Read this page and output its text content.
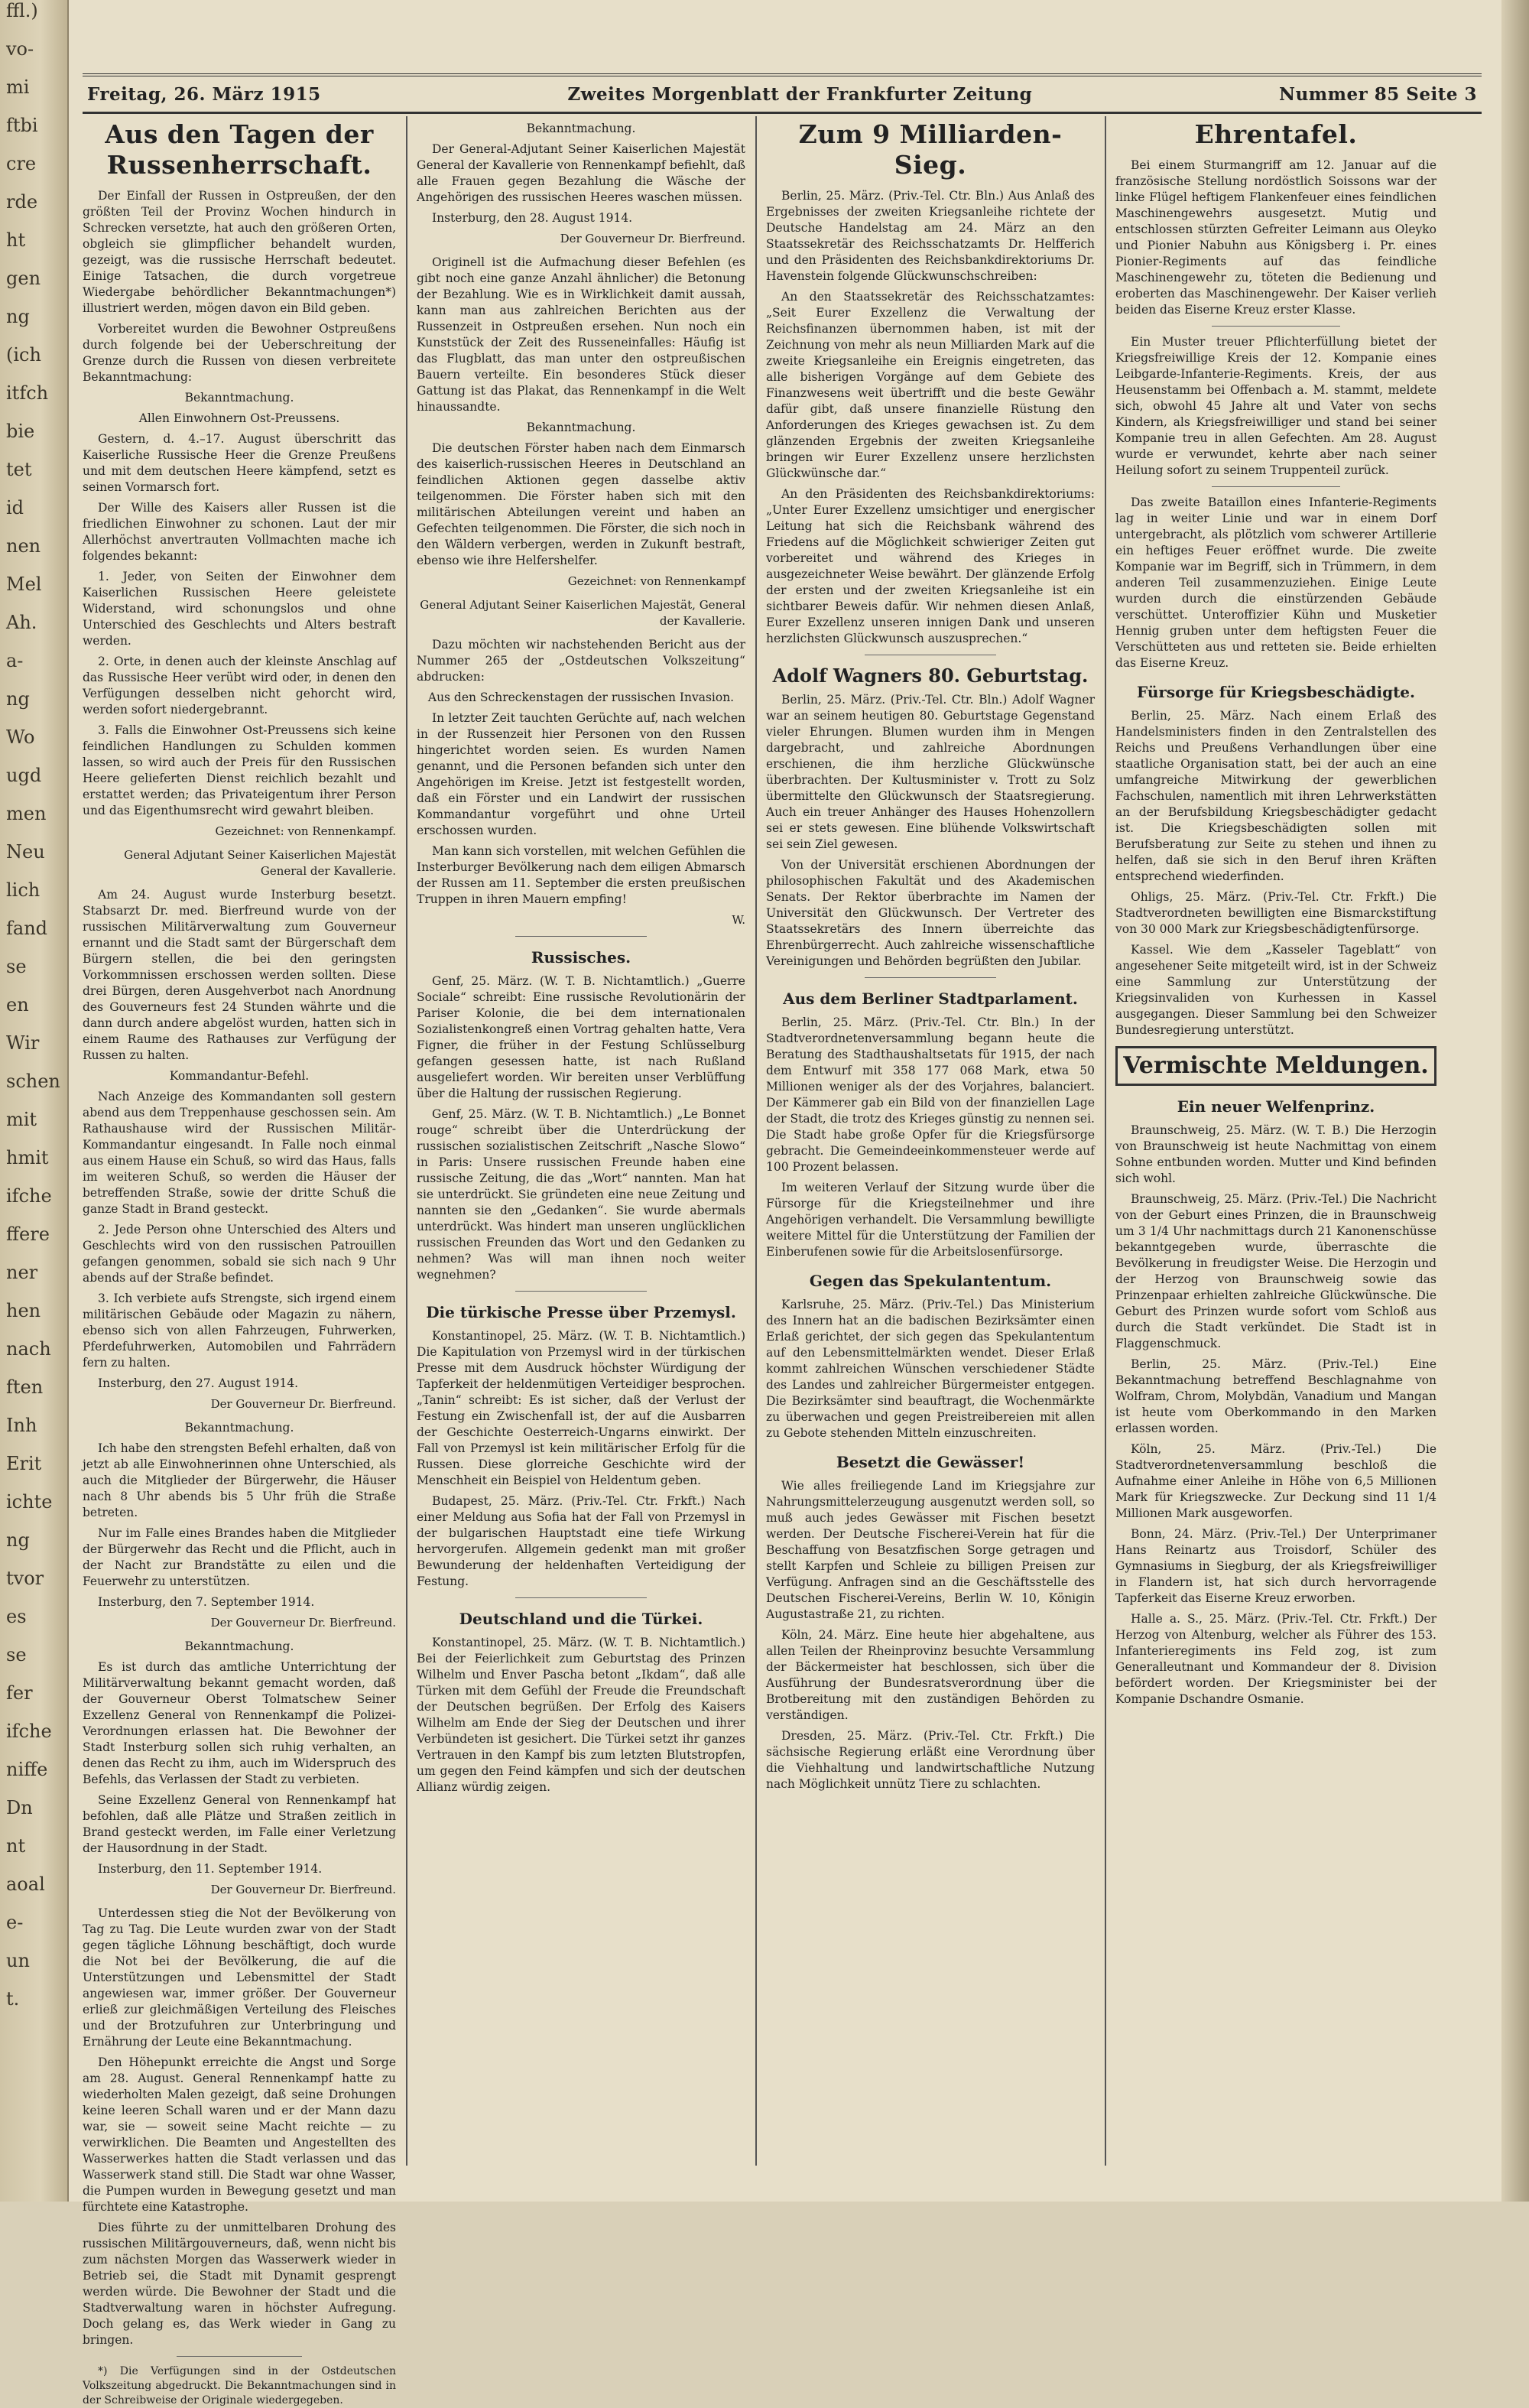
ffl.)
vo-
mi
ftbi
cre
rde
ht
gen
ng
(ich
itfch
bie
tet
id
nen
Mel
Ah.
a-
ng
Wo
ugd
men
Neu
lich
fand
se
en
Wir
schen
mit
hmit
ifche
ffere
ner
hen
nach
ften
Inh
Erit
ichte
ng
tvor
es
se
fer
ifche
niffe
Dn
nt
aoal
e-
un
t.
Freitag, 26. März 1915	Zweites Morgenblatt der Frankfurter Zeitung	Nummer 85 Seite 3
Aus den Tagen der Russenherrschaft.

Der Einfall der Russen in Ostpreußen, der den größten Teil der Provinz Wochen hindurch in Schrecken versetzte, hat auch den größeren Orten, obgleich sie glimpflicher behandelt wurden, gezeigt, was die russische Herrschaft bedeutet. Einige Tatsachen, die durch vorgetreue Wiedergabe behördlicher Bekanntmachungen*) illustriert werden, mögen davon ein Bild geben.

Vorbereitet wurden die Bewohner Ostpreußens durch folgende bei der Ueberschreitung der Grenze durch die Russen von diesen verbreitete Bekanntmachung:

Bekanntmachung.

Allen Einwohnern Ost-Preussens.

Gestern, d. 4.–17. August überschritt das Kaiserliche Russische Heer die Grenze Preußens und mit dem deutschen Heere kämpfend, setzt es seinen Vormarsch fort.

Der Wille des Kaisers aller Russen ist die friedlichen Einwohner zu schonen. Laut der mir Allerhöchst anvertrauten Vollmachten mache ich folgendes bekannt:

1. Jeder, von Seiten der Einwohner dem Kaiserlichen Russischen Heere geleistete Widerstand, wird schonungslos und ohne Unterschied des Geschlechts und Alters bestraft werden.

2. Orte, in denen auch der kleinste Anschlag auf das Russische Heer verübt wird oder, in denen den Verfügungen desselben nicht gehorcht wird, werden sofort niedergebrannt.

3. Falls die Einwohner Ost-Preussens sich keine feindlichen Handlungen zu Schulden kommen lassen, so wird auch der Preis für den Russischen Heere gelieferten Dienst reichlich bezahlt und erstattet werden; das Privateigentum ihrer Person und das Eigenthumsrecht wird gewahrt bleiben.

Gezeichnet: von Rennenkampf.

General Adjutant Seiner Kaiserlichen Majestät General der Kavallerie.

Am 24. August wurde Insterburg besetzt. Stabsarzt Dr. med. Bierfreund wurde von der russischen Militärverwaltung zum Gouverneur ernannt und die Stadt samt der Bürgerschaft dem Bürgern stellen, die bei den geringsten Vorkommnissen erschossen werden sollten. Diese drei Bürgen, deren Ausgehverbot nach Anordnung des Gouverneurs fest 24 Stunden währte und die dann durch andere abgelöst wurden, hatten sich in einem Raume des Rathauses zur Verfügung der Russen zu halten.

Kommandantur-Befehl.

Nach Anzeige des Kommandanten soll gestern abend aus dem Treppenhause geschossen sein. Am Rathaushause wird der Russischen Militär-Kommandantur eingesandt. In Falle noch einmal aus einem Hause ein Schuß, so wird das Haus, falls im weiteren Schuß, so werden die Häuser der betreffenden Straße, sowie der dritte Schuß die ganze Stadt in Brand gesteckt.

2. Jede Person ohne Unterschied des Alters und Geschlechts wird von den russischen Patrouillen gefangen genommen, sobald sie sich nach 9 Uhr abends auf der Straße befindet.

3. Ich verbiete aufs Strengste, sich irgend einem militärischen Gebäude oder Magazin zu nähern, ebenso sich von allen Fahrzeugen, Fuhrwerken, Pferdefuhrwerken, Automobilen und Fahrrädern fern zu halten.

Insterburg, den 27. August 1914.

Der Gouverneur Dr. Bierfreund.

Bekanntmachung.

Ich habe den strengsten Befehl erhalten, daß von jetzt ab alle Einwohnerinnen ohne Unterschied, als auch die Mitglieder der Bürgerwehr, die Häuser nach 8 Uhr abends bis 5 Uhr früh die Straße betreten.

Nur im Falle eines Brandes haben die Mitglieder der Bürgerwehr das Recht und die Pflicht, auch in der Nacht zur Brandstätte zu eilen und die Feuerwehr zu unterstützen.

Insterburg, den 7. September 1914.

Der Gouverneur Dr. Bierfreund.

Bekanntmachung.

Es ist durch das amtliche Unterrichtung der Militärverwaltung bekannt gemacht worden, daß der Gouverneur Oberst Tolmatschew Seiner Exzellenz General von Rennenkampf die Polizei-Verordnungen erlassen hat. Die Bewohner der Stadt Insterburg sollen sich ruhig verhalten, an denen das Recht zu ihm, auch im Widerspruch des Befehls, das Verlassen der Stadt zu verbieten.

Seine Exzellenz General von Rennenkampf hat befohlen, daß alle Plätze und Straßen zeitlich in Brand gesteckt werden, im Falle einer Verletzung der Hausordnung in der Stadt.

Insterburg, den 11. September 1914.

Der Gouverneur Dr. Bierfreund.

Unterdessen stieg die Not der Bevölkerung von Tag zu Tag. Die Leute wurden zwar von der Stadt gegen tägliche Löhnung beschäftigt, doch wurde die Not bei der Bevölkerung, die auf die Unterstützungen und Lebensmittel der Stadt angewiesen war, immer größer. Der Gouverneur erließ zur gleichmäßigen Verteilung des Fleisches und der Brotzufuhren zur Unterbringung und Ernährung der Leute eine Bekanntmachung.

Den Höhepunkt erreichte die Angst und Sorge am 28. August. General Rennenkampf hatte zu wiederholten Malen gezeigt, daß seine Drohungen keine leeren Schall waren und er der Mann dazu war, sie — soweit seine Macht reichte — zu verwirklichen. Die Beamten und Angestellten des Wasserwerkes hatten die Stadt verlassen und das Wasserwerk stand still. Die Stadt war ohne Wasser, die Pumpen wurden in Bewegung gesetzt und man fürchtete eine Katastrophe.

Dies führte zu der unmittelbaren Drohung des russischen Militärgouverneurs, daß, wenn nicht bis zum nächsten Morgen das Wasserwerk wieder in Betrieb sei, die Stadt mit Dynamit gesprengt werden würde. Die Bewohner der Stadt und die Stadtverwaltung waren in höchster Aufregung. Doch gelang es, das Werk wieder in Gang zu bringen.

*) Die Verfügungen sind in der Ostdeutschen Volkszeitung abgedruckt. Die Bekanntmachungen sind in der Schreibweise der Originale wiedergegeben.

Bekanntmachung.

Der General-Adjutant Seiner Kaiserlichen Majestät General der Kavallerie von Rennenkampf befiehlt, daß alle Frauen gegen Bezahlung die Wäsche der Angehörigen des russischen Heeres waschen müssen.

Insterburg, den 28. August 1914.

Der Gouverneur Dr. Bierfreund.

Originell ist die Aufmachung dieser Befehlen (es gibt noch eine ganze Anzahl ähnlicher) die Betonung der Bezahlung. Wie es in Wirklichkeit damit aussah, kann man aus zahlreichen Berichten aus der Russenzeit in Ostpreußen ersehen. Nun noch ein Kunststück der Zeit des Russeneinfalles: Häufig ist das Flugblatt, das man unter den ostpreußischen Bauern verteilte. Ein besonderes Stück dieser Gattung ist das Plakat, das Rennenkampf in die Welt hinaussandte.

Bekanntmachung.

Die deutschen Förster haben nach dem Einmarsch des kaiserlich-russischen Heeres in Deutschland an feindlichen Aktionen gegen dasselbe aktiv teilgenommen. Die Förster haben sich mit den militärischen Abteilungen vereint und haben an Gefechten teilgenommen. Die Förster, die sich noch in den Wäldern verbergen, werden in Zukunft bestraft, ebenso wie ihre Helfershelfer.

Gezeichnet: von Rennenkampf

General Adjutant Seiner Kaiserlichen Majestät, General der Kavallerie.

Dazu möchten wir nachstehenden Bericht aus der Nummer 265 der „Ostdeutschen Volkszeitung“ abdrucken:

Aus den Schreckenstagen der russischen Invasion.

In letzter Zeit tauchten Gerüchte auf, nach welchen in der Russenzeit hier Personen von den Russen hingerichtet worden seien. Es wurden Namen genannt, und die Personen befanden sich unter den Angehörigen im Kreise. Jetzt ist festgestellt worden, daß ein Förster und ein Landwirt der russischen Kommandantur vorgeführt und ohne Urteil erschossen wurden.

Man kann sich vorstellen, mit welchen Gefühlen die Insterburger Bevölkerung nach dem eiligen Abmarsch der Russen am 11. September die ersten preußischen Truppen in ihren Mauern empfing!

W.

Russisches.

Genf, 25. März. (W. T. B. Nichtamtlich.) „Guerre Sociale“ schreibt: Eine russische Revolutionärin der Pariser Kolonie, die bei dem internationalen Sozialistenkongreß einen Vortrag gehalten hatte, Vera Figner, die früher in der Festung Schlüsselburg gefangen gesessen hatte, ist nach Rußland ausgeliefert worden. Wir bereiten unser Verblüffung über die Haltung der russischen Regierung.

Genf, 25. März. (W. T. B. Nichtamtlich.) „Le Bonnet rouge“ schreibt über die Unterdrückung der russischen sozialistischen Zeitschrift „Nasche Slowo“ in Paris: Unsere russischen Freunde haben eine russische Zeitung, die das „Wort“ nannten. Man hat sie unterdrückt. Sie gründeten eine neue Zeitung und nannten sie den „Gedanken“. Sie wurde abermals unterdrückt. Was hindert man unseren unglücklichen russischen Freunden das Wort und den Gedanken zu nehmen? Was will man ihnen noch weiter wegnehmen?

Die türkische Presse über Przemysl.

Konstantinopel, 25. März. (W. T. B. Nichtamtlich.) Die Kapitulation von Przemysl wird in der türkischen Presse mit dem Ausdruck höchster Würdigung der Tapferkeit der heldenmütigen Verteidiger besprochen. „Tanin“ schreibt: Es ist sicher, daß der Verlust der Festung ein Zwischenfall ist, der auf die Ausbarren der Geschichte Oesterreich-Ungarns einwirkt. Der Fall von Przemysl ist kein militärischer Erfolg für die Russen. Diese glorreiche Geschichte wird der Menschheit ein Beispiel von Heldentum geben.

Budapest, 25. März. (Priv.-Tel. Ctr. Frkft.) Nach einer Meldung aus Sofia hat der Fall von Przemysl in der bulgarischen Hauptstadt eine tiefe Wirkung hervorgerufen. Allgemein gedenkt man mit großer Bewunderung der heldenhaften Verteidigung der Festung.

Deutschland und die Türkei.

Konstantinopel, 25. März. (W. T. B. Nichtamtlich.) Bei der Feierlichkeit zum Geburtstag des Prinzen Wilhelm und Enver Pascha betont „Ikdam“, daß alle Türken mit dem Gefühl der Freude die Freundschaft der Deutschen begrüßen. Der Erfolg des Kaisers Wilhelm am Ende der Sieg der Deutschen und ihrer Verbündeten ist gesichert. Die Türkei setzt ihr ganzes Vertrauen in den Kampf bis zum letzten Blutstropfen, um gegen den Feind kämpfen und sich der deutschen Allianz würdig zeigen.

Zum 9 Milliarden-Sieg.

Berlin, 25. März. (Priv.-Tel. Ctr. Bln.) Aus Anlaß des Ergebnisses der zweiten Kriegsanleihe richtete der Deutsche Handelstag am 24. März an den Staatssekretär des Reichsschatzamts Dr. Helfferich und den Präsidenten des Reichsbankdirektoriums Dr. Havenstein folgende Glückwunschschreiben:

An den Staatssekretär des Reichsschatzamtes: „Seit Eurer Exzellenz die Verwaltung der Reichsfinanzen übernommen haben, ist mit der Zeichnung von mehr als neun Milliarden Mark auf die zweite Kriegsanleihe ein Ereignis eingetreten, das alle bisherigen Vorgänge auf dem Gebiete des Finanzwesens weit übertrifft und die beste Gewähr dafür gibt, daß unsere finanzielle Rüstung den Anforderungen des Krieges gewachsen ist. Zu dem glänzenden Ergebnis der zweiten Kriegsanleihe bringen wir Eurer Exzellenz unsere herzlichsten Glückwünsche dar.“

An den Präsidenten des Reichsbankdirektoriums: „Unter Eurer Exzellenz umsichtiger und energischer Leitung hat sich die Reichsbank während des Friedens auf die Möglichkeit schwieriger Zeiten gut vorbereitet und während des Krieges in ausgezeichneter Weise bewährt. Der glänzende Erfolg der ersten und der zweiten Kriegsanleihe ist ein sichtbarer Beweis dafür. Wir nehmen diesen Anlaß, Eurer Exzellenz unseren innigen Dank und unseren herzlichsten Glückwunsch auszusprechen.“

Adolf Wagners 80. Geburtstag.

Berlin, 25. März. (Priv.-Tel. Ctr. Bln.) Adolf Wagner war an seinem heutigen 80. Geburtstage Gegenstand vieler Ehrungen. Blumen wurden ihm in Mengen dargebracht, und zahlreiche Abordnungen erschienen, die ihm herzliche Glückwünsche überbrachten. Der Kultusminister v. Trott zu Solz übermittelte den Glückwunsch der Staatsregierung. Auch ein treuer Anhänger des Hauses Hohenzollern sei er stets gewesen. Eine blühende Volkswirtschaft sei sein Ziel gewesen.

Von der Universität erschienen Abordnungen der philosophischen Fakultät und des Akademischen Senats. Der Rektor überbrachte im Namen der Universität den Glückwunsch. Der Vertreter des Staatssekretärs des Innern überreichte das Ehrenbürgerrecht. Auch zahlreiche wissenschaftliche Vereinigungen und Behörden begrüßten den Jubilar.

Aus dem Berliner Stadtparlament.

Berlin, 25. März. (Priv.-Tel. Ctr. Bln.) In der Stadtverordnetenversammlung begann heute die Beratung des Stadthaushaltsetats für 1915, der nach dem Entwurf mit 358 177 068 Mark, etwa 50 Millionen weniger als der des Vorjahres, balanciert. Der Kämmerer gab ein Bild von der finanziellen Lage der Stadt, die trotz des Krieges günstig zu nennen sei. Die Stadt habe große Opfer für die Kriegsfürsorge gebracht. Die Gemeindeeinkommensteuer werde auf 100 Prozent belassen.

Im weiteren Verlauf der Sitzung wurde über die Fürsorge für die Kriegsteilnehmer und ihre Angehörigen verhandelt. Die Versammlung bewilligte weitere Mittel für die Unterstützung der Familien der Einberufenen sowie für die Arbeitslosenfürsorge.

Gegen das Spekulantentum.

Karlsruhe, 25. März. (Priv.-Tel.) Das Ministerium des Innern hat an die badischen Bezirksämter einen Erlaß gerichtet, der sich gegen das Spekulantentum auf den Lebensmittelmärkten wendet. Dieser Erlaß kommt zahlreichen Wünschen verschiedener Städte des Landes und zahlreicher Bürgermeister entgegen. Die Bezirksämter sind beauftragt, die Wochenmärkte zu überwachen und gegen Preistreibereien mit allen zu Gebote stehenden Mitteln einzuschreiten.

Besetzt die Gewässer!

Wie alles freiliegende Land im Kriegsjahre zur Nahrungsmittelerzeugung ausgenutzt werden soll, so muß auch jedes Gewässer mit Fischen besetzt werden. Der Deutsche Fischerei-Verein hat für die Beschaffung von Besatzfischen Sorge getragen und stellt Karpfen und Schleie zu billigen Preisen zur Verfügung. Anfragen sind an die Geschäftsstelle des Deutschen Fischerei-Vereins, Berlin W. 10, Königin Augustastraße 21, zu richten.

Köln, 24. März. Eine heute hier abgehaltene, aus allen Teilen der Rheinprovinz besuchte Versammlung der Bäckermeister hat beschlossen, sich über die Ausführung der Bundesratsverordnung über die Brotbereitung mit den zuständigen Behörden zu verständigen.

Dresden, 25. März. (Priv.-Tel. Ctr. Frkft.) Die sächsische Regierung erläßt eine Verordnung über die Viehhaltung und landwirtschaftliche Nutzung nach Möglichkeit unnütz Tiere zu schlachten.

Ehrentafel.

Bei einem Sturmangriff am 12. Januar auf die französische Stellung nordöstlich Soissons war der linke Flügel heftigem Flankenfeuer eines feindlichen Maschinengewehrs ausgesetzt. Mutig und entschlossen stürzten Gefreiter Leimann aus Oleyko und Pionier Nabuhn aus Königsberg i. Pr. eines Pionier-Regiments auf das feindliche Maschinengewehr zu, töteten die Bedienung und eroberten das Maschinengewehr. Der Kaiser verlieh beiden das Eiserne Kreuz erster Klasse.

Ein Muster treuer Pflichterfüllung bietet der Kriegsfreiwillige Kreis der 12. Kompanie eines Leibgarde-Infanterie-Regiments. Kreis, der aus Heusenstamm bei Offenbach a. M. stammt, meldete sich, obwohl 45 Jahre alt und Vater von sechs Kindern, als Kriegsfreiwilliger und stand bei seiner Kompanie treu in allen Gefechten. Am 28. August wurde er verwundet, kehrte aber nach seiner Heilung sofort zu seinem Truppenteil zurück.

Das zweite Bataillon eines Infanterie-Regiments lag in weiter Linie und war in einem Dorf untergebracht, als plötzlich vom schwerer Artillerie ein heftiges Feuer eröffnet wurde. Die zweite Kompanie war im Begriff, sich in Trümmern, in dem anderen Teil zusammenzuziehen. Einige Leute wurden durch die einstürzenden Gebäude verschüttet. Unteroffizier Kühn und Musketier Hennig gruben unter dem heftigsten Feuer die Verschütteten aus und retteten sie. Beide erhielten das Eiserne Kreuz.

Fürsorge für Kriegsbeschädigte.

Berlin, 25. März. Nach einem Erlaß des Handelsministers finden in den Zentralstellen des Reichs und Preußens Verhandlungen über eine staatliche Organisation statt, bei der auch an eine umfangreiche Mitwirkung der gewerblichen Fachschulen, namentlich mit ihren Lehrwerkstätten an der Berufsbildung Kriegsbeschädigter gedacht ist. Die Kriegsbeschädigten sollen mit Berufsberatung zur Seite zu stehen und ihnen zu helfen, daß sie sich in den Beruf ihren Kräften entsprechend wiederfinden.

Ohligs, 25. März. (Priv.-Tel. Ctr. Frkft.) Die Stadtverordneten bewilligten eine Bismarckstiftung von 30 000 Mark zur Kriegsbeschädigtenfürsorge.

Kassel. Wie dem „Kasseler Tageblatt“ von angesehener Seite mitgeteilt wird, ist in der Schweiz eine Sammlung zur Unterstützung der Kriegsinvaliden von Kurhessen in Kassel ausgegangen. Dieser Sammlung bei den Schweizer Bundesregierung unterstützt.

Vermischte Meldungen.
Ein neuer Welfenprinz.

Braunschweig, 25. März. (W. T. B.) Die Herzogin von Braunschweig ist heute Nachmittag von einem Sohne entbunden worden. Mutter und Kind befinden sich wohl.

Braunschweig, 25. März. (Priv.-Tel.) Die Nachricht von der Geburt eines Prinzen, die in Braunschweig um 3 1/4 Uhr nachmittags durch 21 Kanonenschüsse bekanntgegeben wurde, überraschte die Bevölkerung in freudigster Weise. Die Herzogin und der Herzog von Braunschweig sowie das Prinzenpaar erhielten zahlreiche Glückwünsche. Die Geburt des Prinzen wurde sofort vom Schloß aus durch die Stadt verkündet. Die Stadt ist in Flaggenschmuck.

Berlin, 25. März. (Priv.-Tel.) Eine Bekanntmachung betreffend Beschlagnahme von Wolfram, Chrom, Molybdän, Vanadium und Mangan ist heute vom Oberkommando in den Marken erlassen worden.

Köln, 25. März. (Priv.-Tel.) Die Stadtverordnetenversammlung beschloß die Aufnahme einer Anleihe in Höhe von 6,5 Millionen Mark für Kriegszwecke. Zur Deckung sind 11 1/4 Millionen Mark ausgeworfen.

Bonn, 24. März. (Priv.-Tel.) Der Unterprimaner Hans Reinartz aus Troisdorf, Schüler des Gymnasiums in Siegburg, der als Kriegsfreiwilliger in Flandern ist, hat sich durch hervorragende Tapferkeit das Eiserne Kreuz erworben.

Halle a. S., 25. März. (Priv.-Tel. Ctr. Frkft.) Der Herzog von Altenburg, welcher als Führer des 153. Infanterieregiments ins Feld zog, ist zum Generalleutnant und Kommandeur der 8. Division befördert worden. Der Kriegsminister bei der Kompanie Dschandre Osmanie.
